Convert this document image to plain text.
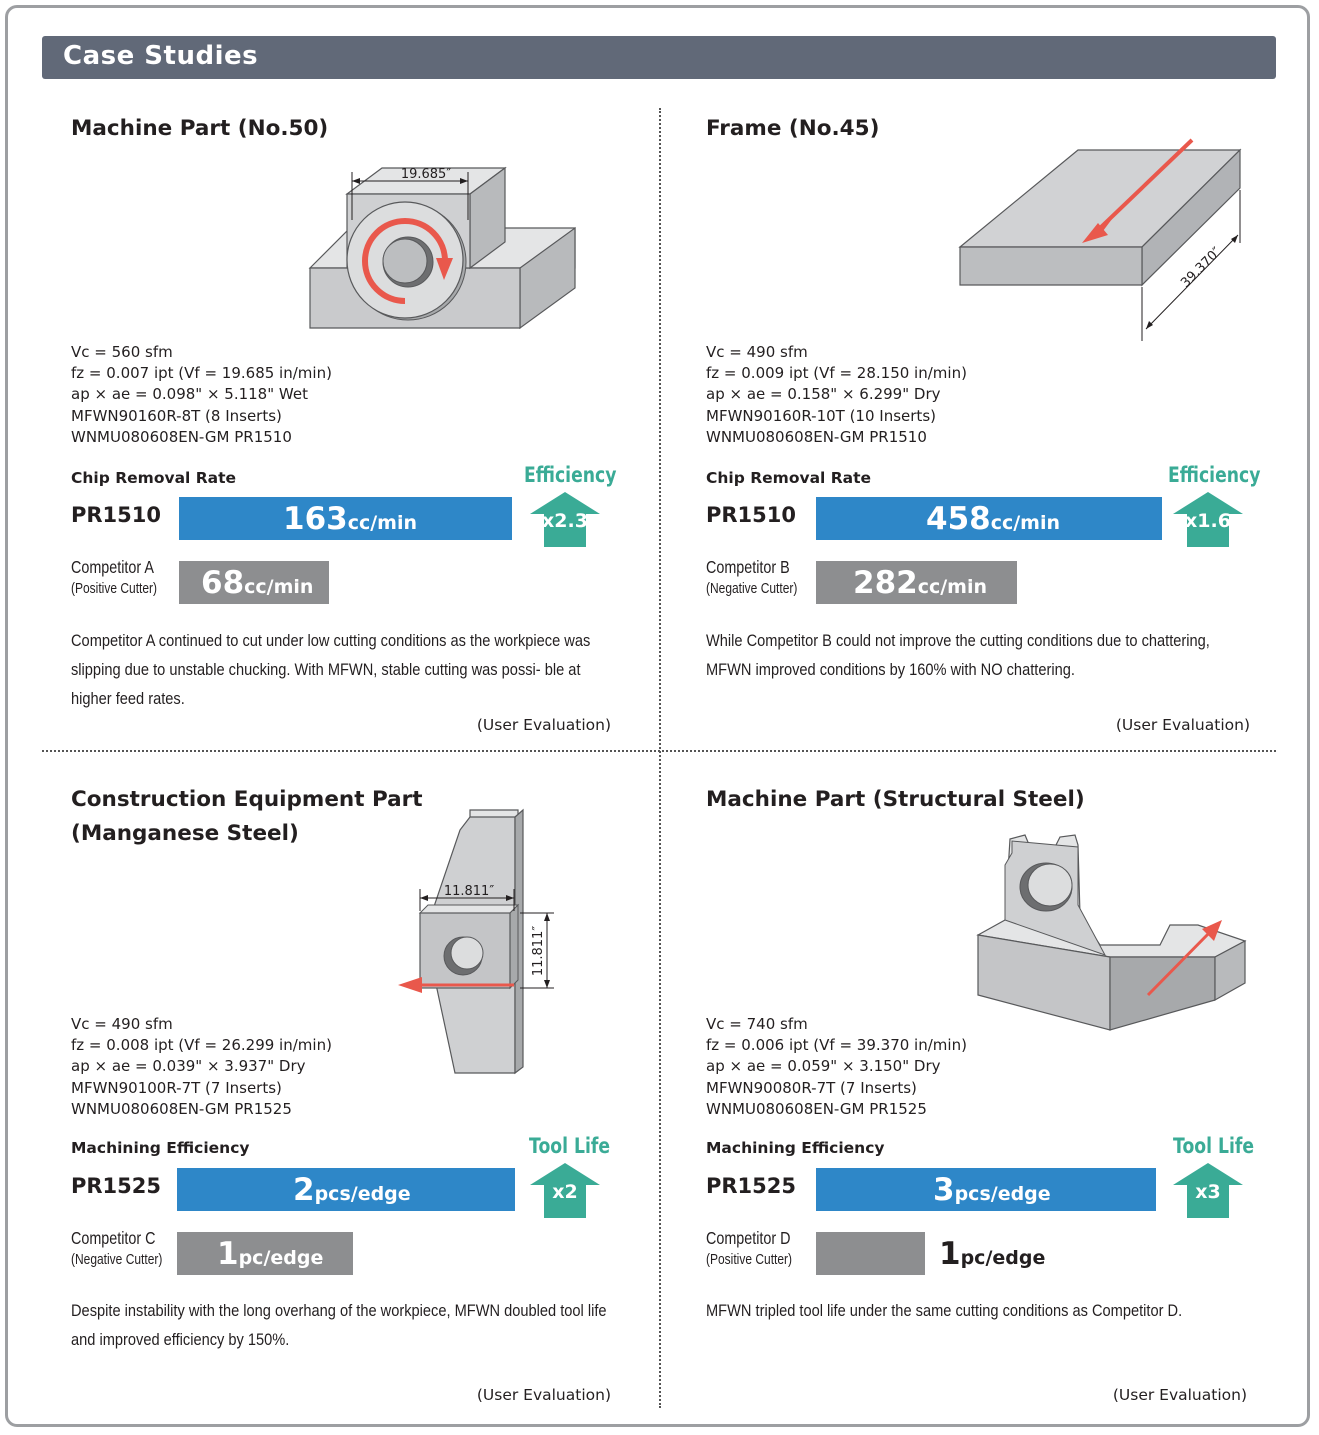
Case Studies
Machine Part (No.50)
19.685″
Vc = 560 sfm
fz = 0.007 ipt (Vf = 19.685 in/min)
ap × ae = 0.098" × 5.118" Wet
MFWN90160R-8T (8 Inserts)
WNMU080608EN-GM PR1510
Chip Removal Rate	Efficiency
PR1510	163cc/min	x2.3
Competitor A
(Positive Cutter) 68cc/min
Competitor A continued to cut under low cutting conditions as the workpiece was slipping due to unstable chucking. With MFWN, stable cutting was possi- ble at higher feed rates.
(User Evaluation)
Frame (No.45)
39.370″
Vc = 490 sfm
fz = 0.009 ipt (Vf = 28.150 in/min)
ap × ae = 0.158" × 6.299" Dry
MFWN90160R-10T (10 Inserts)
WNMU080608EN-GM PR1510
Chip Removal Rate	Efficiency
PR1510	458cc/min	x1.6
Competitor B
(Negative Cutter) 282cc/min
While Competitor B could not improve the cutting conditions due to chattering, MFWN improved conditions by 160% with NO chattering.
(User Evaluation)
Construction Equipment Part
(Manganese Steel)
11.811″
11.811″
Vc = 490 sfm
fz = 0.008 ipt (Vf = 26.299 in/min)
ap × ae = 0.039" × 3.937" Dry
MFWN90100R-7T (7 Inserts)
WNMU080608EN-GM PR1525
Machining Efficiency	Tool Life
PR1525	2pcs/edge	x2
Competitor C
(Negative Cutter) 1pc/edge
Despite instability with the long overhang of the workpiece, MFWN doubled tool life and improved efficiency by 150%.
(User Evaluation)
Machine Part (Structural Steel)
Vc = 740 sfm
fz = 0.006 ipt (Vf = 39.370 in/min)
ap × ae = 0.059" × 3.150" Dry
MFWN90080R-7T (7 Inserts)
WNMU080608EN-GM PR1525
Machining Efficiency	Tool Life
PR1525	3pcs/edge	x3
Competitor D
(Positive Cutter)	1pc/edge
MFWN tripled tool life under the same cutting conditions as Competitor D.
(User Evaluation)
